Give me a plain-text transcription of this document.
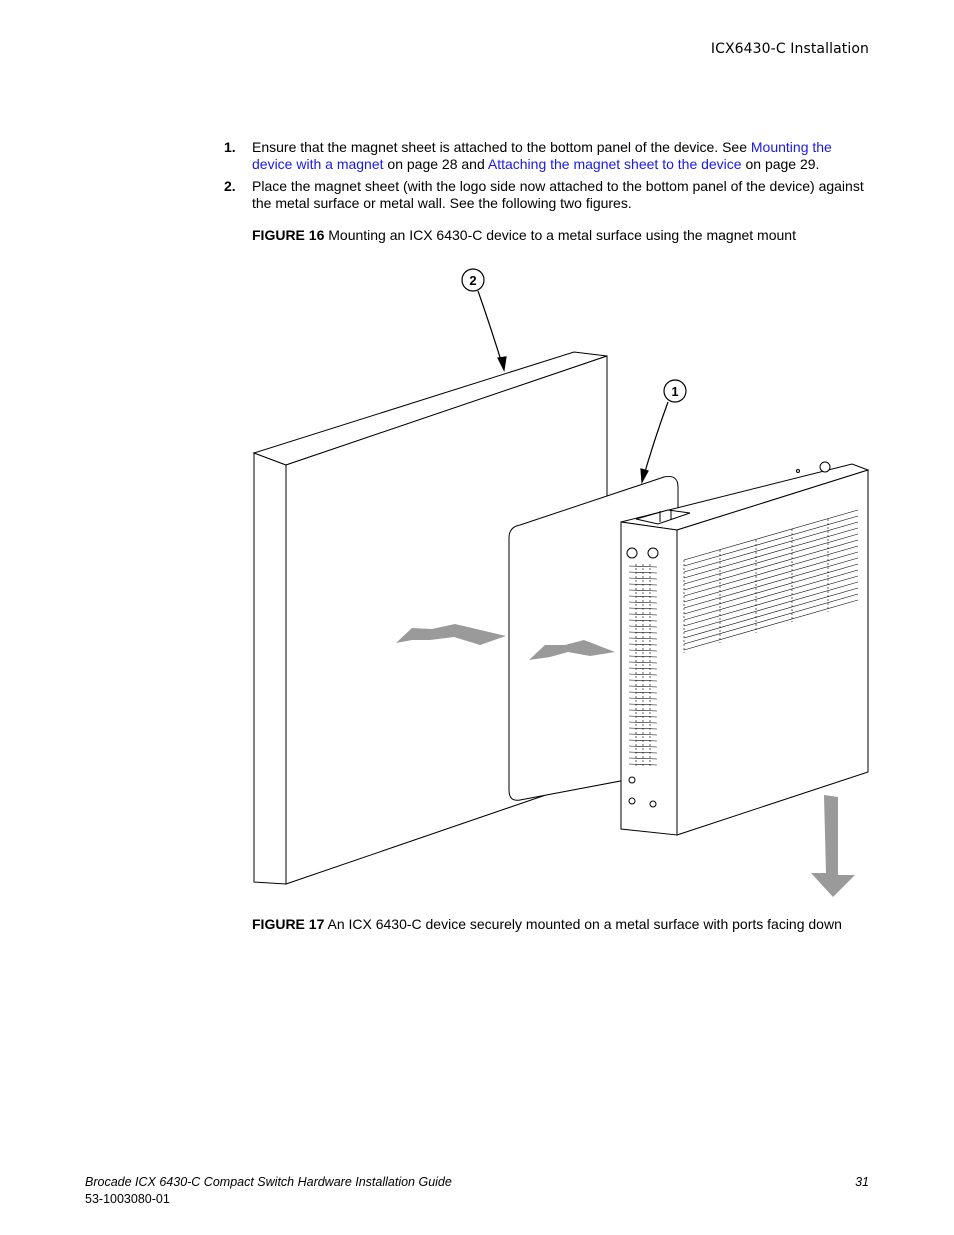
ICX6430-C Installation
1. Ensure that the magnet sheet is attached to the bottom panel of the device. See Mounting the device with a magnet on page 28 and Attaching the magnet sheet to the device on page 29.
2. Place the magnet sheet (with the logo side now attached to the bottom panel of the device) against the metal surface or metal wall. See the following two figures.
FIGURE 16 Mounting an ICX 6430-C device to a metal surface using the magnet mount
2
1
FIGURE 17 An ICX 6430-C device securely mounted on a metal surface with ports facing down
Brocade ICX 6430-C Compact Switch Hardware Installation Guide
53-1003080-01
31
